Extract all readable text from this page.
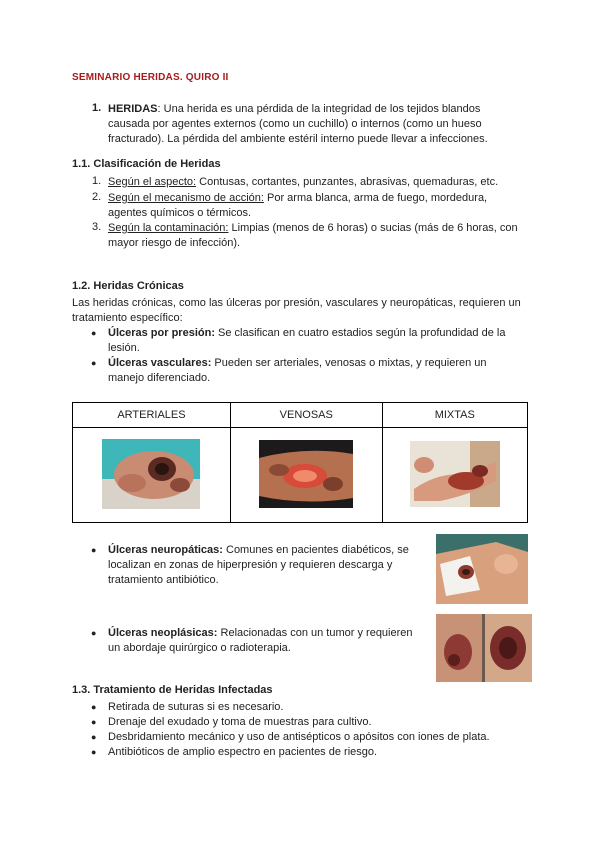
SEMINARIO HERIDAS. QUIRO II
1. HERIDAS: Una herida es una pérdida de la integridad de los tejidos blandos
causada por agentes externos (como un cuchillo) o internos (como un hueso
fracturado). La pérdida del ambiente estéril interno puede llevar a infecciones.
1.1. Clasificación de Heridas
1. Según el aspecto: Contusas, cortantes, punzantes, abrasivas, quemaduras, etc.
2. Según el mecanismo de acción: Por arma blanca, arma de fuego, mordedura,
agentes químicos o térmicos.
3. Según la contaminación: Limpias (menos de 6 horas) o sucias (más de 6 horas, con
mayor riesgo de infección).
1.2. Heridas Crónicas
Las heridas crónicas, como las úlceras por presión, vasculares y neuropáticas, requieren un
tratamiento específico:
● Úlceras por presión: Se clasifican en cuatro estadios según la profundidad de la
lesión.
● Úlceras vasculares: Pueden ser arteriales, venosas o mixtas, y requieren un
manejo diferenciado.
ARTERIALES	VENOSAS	MIXTAS

● Úlceras neuropáticas: Comunes en pacientes diabéticos, se
localizan en zonas de hiperpresión y requieren descarga y
tratamiento antibiótico.
● Úlceras neoplásicas: Relacionadas con un tumor y requieren
un abordaje quirúrgico o radioterapia.
1.3. Tratamiento de Heridas Infectadas
● Retirada de suturas si es necesario.
● Drenaje del exudado y toma de muestras para cultivo.
● Desbridamiento mecánico y uso de antisépticos o apósitos con iones de plata.
● Antibióticos de amplio espectro en pacientes de riesgo.
